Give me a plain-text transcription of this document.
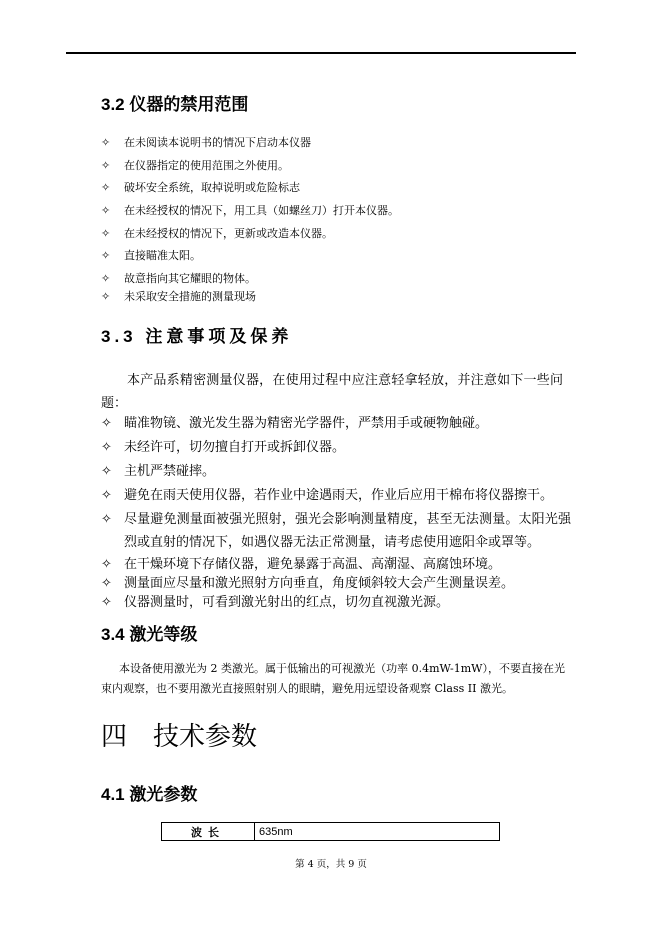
3.2 仪器的禁用范围
✧	在未阅读本说明书的情况下启动本仪器
✧	在仪器指定的使用范围之外使用。
✧	破坏安全系统，取掉说明或危险标志
✧	在未经授权的情况下，用工具（如螺丝刀）打开本仪器。
✧	在未经授权的情况下，更新或改造本仪器。
✧	直接瞄准太阳。
✧	故意指向其它耀眼的物体。
✧	未采取安全措施的测量现场
3.3 注意事项及保养

本产品系精密测量仪器，在使用过程中应注意轻拿轻放，并注意如下一些问题：

✧ 瞄准物镜、激光发生器为精密光学器件，严禁用手或硬物触碰。
✧ 未经许可，切勿擅自打开或拆卸仪器。
✧ 主机严禁碰摔。
✧ 避免在雨天使用仪器，若作业中途遇雨天，作业后应用干棉布将仪器擦干。
✧ 尽量避免测量面被强光照射，强光会影响测量精度，甚至无法测量。太阳光强烈或直射的情况下，如遇仪器无法正常测量，请考虑使用遮阳伞或罩等。
✧ 在干燥环境下存储仪器，避免暴露于高温、高潮湿、高腐蚀环境。
✧ 测量面应尽量和激光照射方向垂直，角度倾斜较大会产生测量误差。
✧ 仪器测量时，可看到激光射出的红点，切勿直视激光源。
3.4 激光等级

本设备使用激光为 2 类激光。属于低输出的可视激光（功率 0.4mW-1mW），不要直接在光束内观察，也不要用激光直接照射别人的眼睛，避免用远望设备观察 Class II 激光。

四 技术参数
4.1 激光参数
波长	635nm
第 4 页，共 9 页
